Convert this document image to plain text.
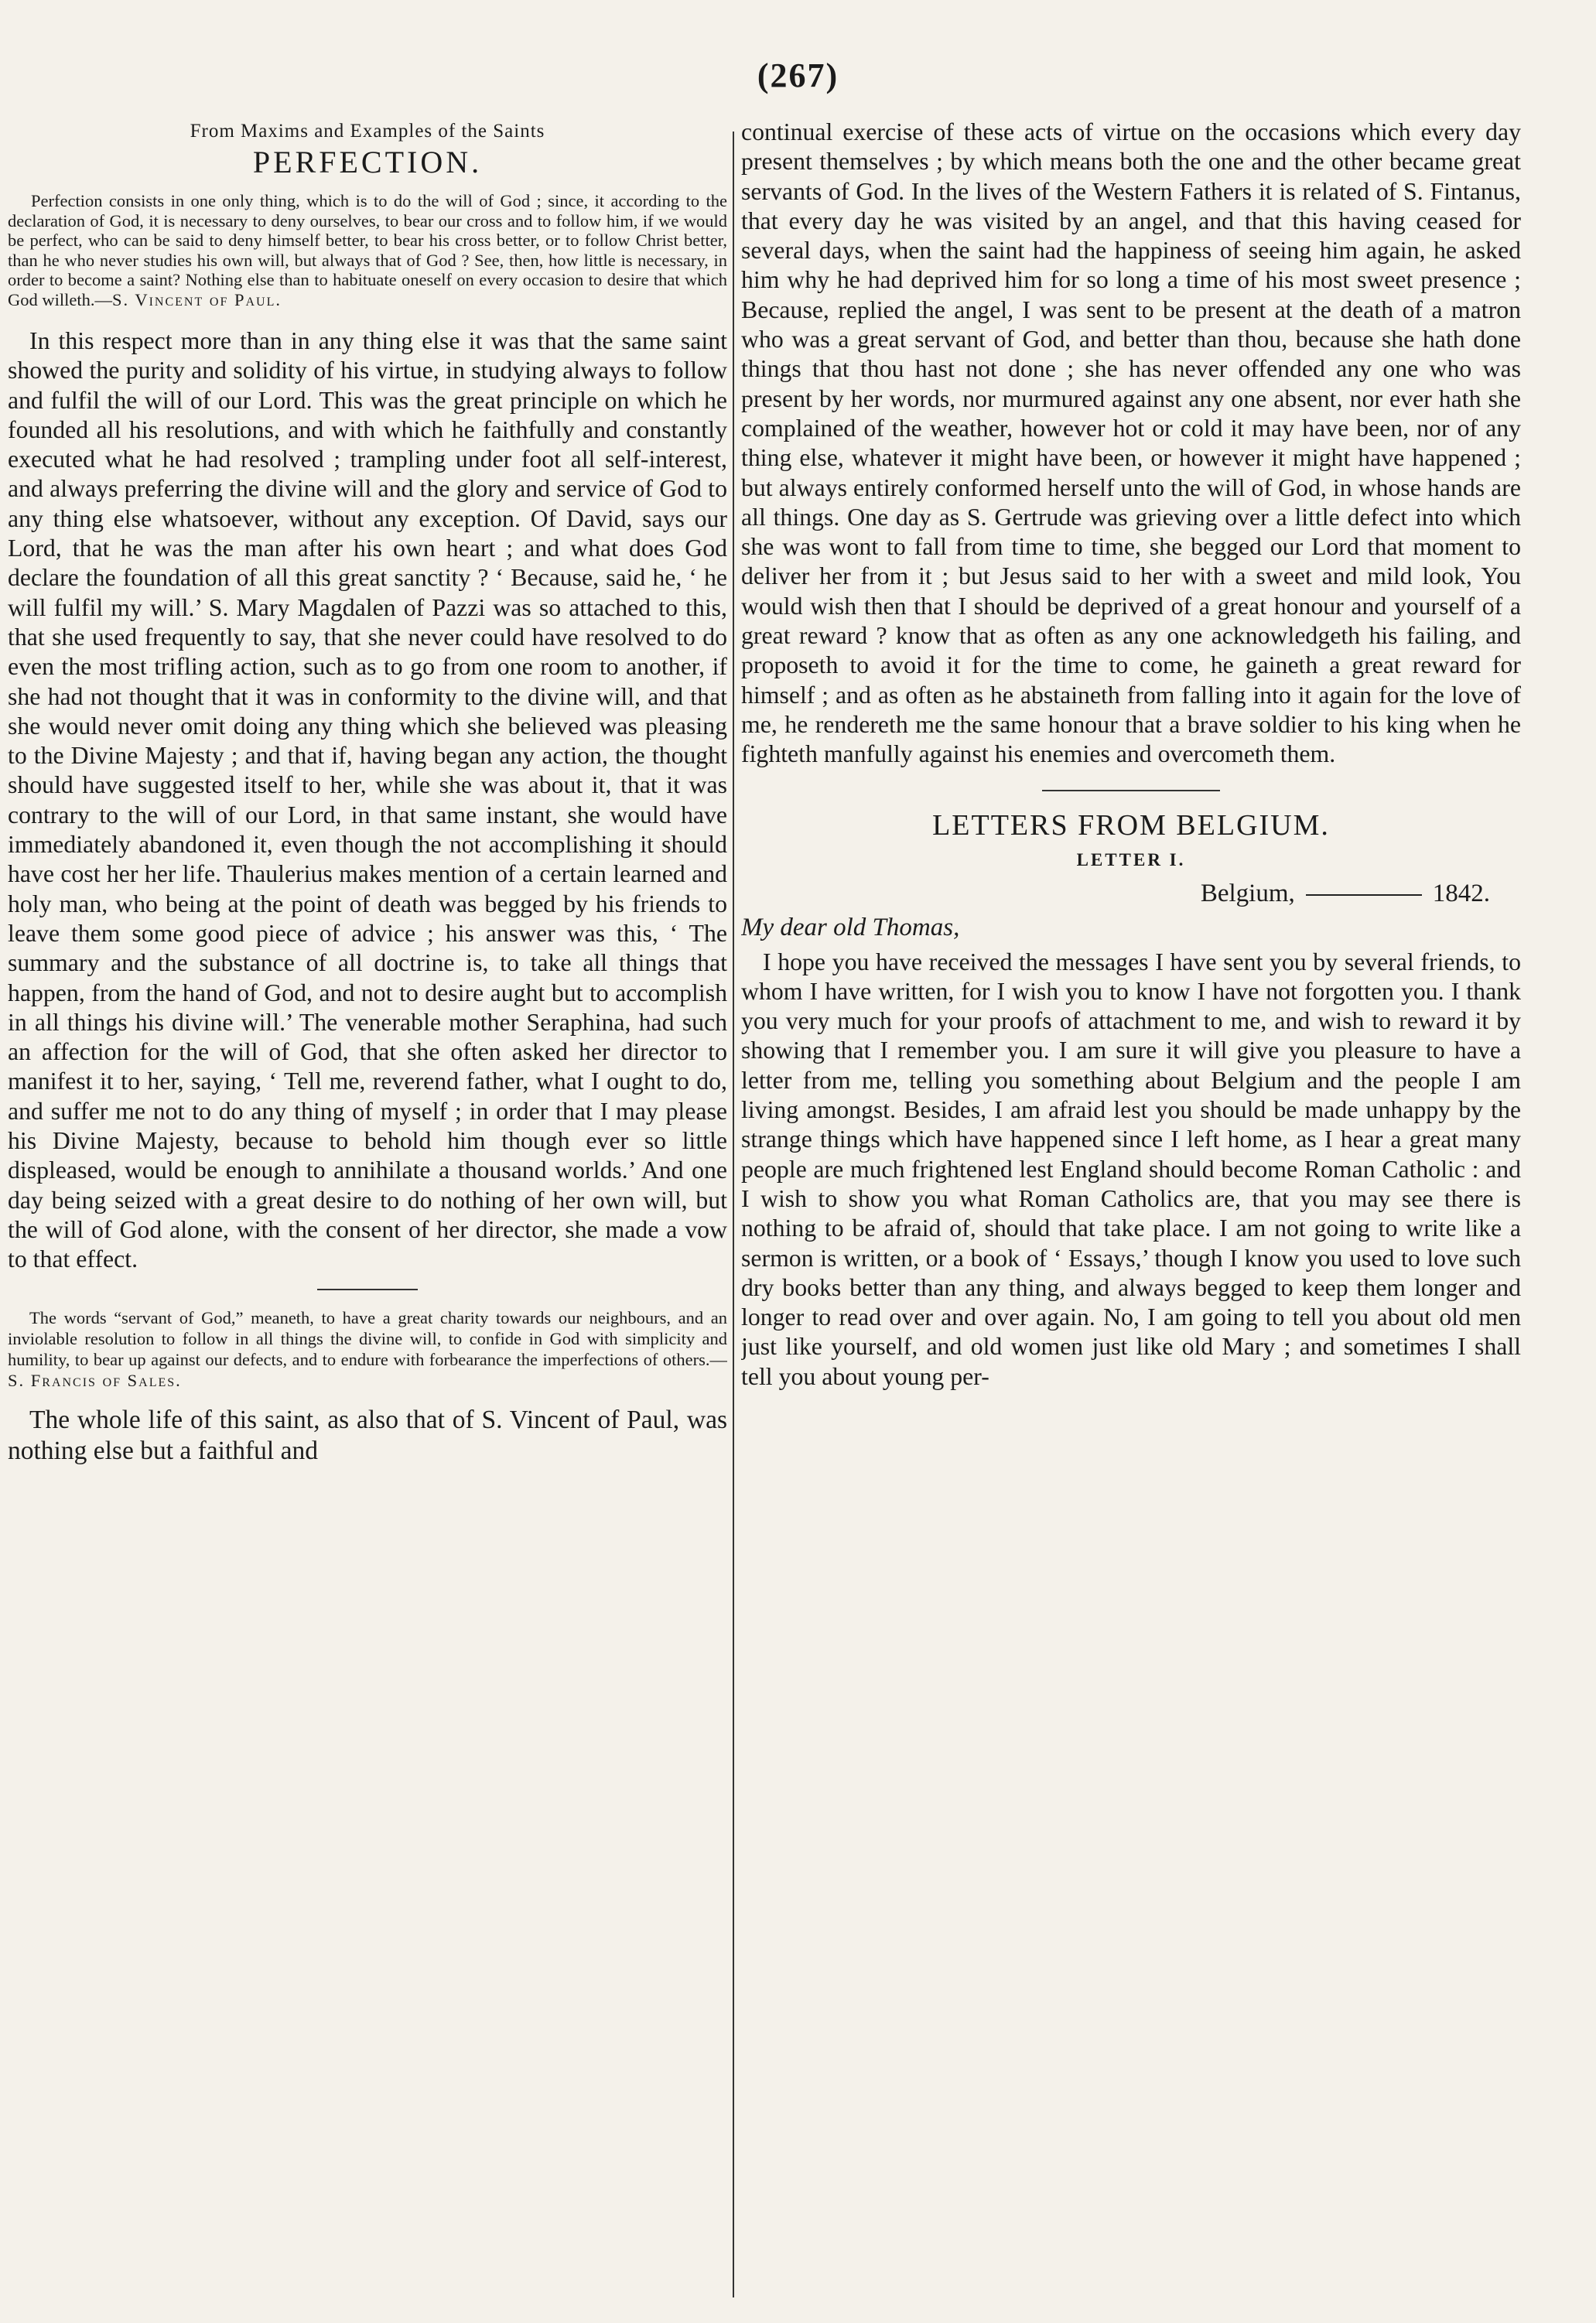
(267)
From Maxims and Examples of the Saints
PERFECTION.

Perfection consists in one only thing, which is to do the will of God ; since, it according to the declaration of God, it is necessary to deny ourselves, to bear our cross and to follow him, if we would be perfect, who can be said to deny himself better, to bear his cross better, or to follow Christ better, than he who never studies his own will, but always that of God ? See, then, how little is necessary, in order to become a saint? Nothing else than to habituate oneself on every occasion to desire that which God willeth.—S. Vincent of Paul.

In this respect more than in any thing else it was that the same saint showed the purity and solidity of his virtue, in studying always to follow and fulfil the will of our Lord. This was the great principle on which he founded all his resolutions, and with which he faithfully and constantly executed what he had resolved ; trampling under foot all self-interest, and always preferring the divine will and the glory and service of God to any thing else whatsoever, without any exception. Of David, says our Lord, that he was the man after his own heart ; and what does God declare the foundation of all this great sanctity ? ‘ Because, said he, ‘ he will fulfil my will.’ S. Mary Magdalen of Pazzi was so attached to this, that she used frequently to say, that she never could have resolved to do even the most trifling action, such as to go from one room to another, if she had not thought that it was in conformity to the divine will, and that she would never omit doing any thing which she believed was pleasing to the Divine Majesty ; and that if, having began any action, the thought should have suggested itself to her, while she was about it, that it was contrary to the will of our Lord, in that same instant, she would have immediately abandoned it, even though the not accomplishing it should have cost her her life. Thaulerius makes mention of a certain learned and holy man, who being at the point of death was begged by his friends to leave them some good piece of advice ; his answer was this, ‘ The summary and the substance of all doctrine is, to take all things that happen, from the hand of God, and not to desire aught but to accomplish in all things his divine will.’ The venerable mother Seraphina, had such an affection for the will of God, that she often asked her director to manifest it to her, saying, ‘ Tell me, reverend father, what I ought to do, and suffer me not to do any thing of myself ; in order that I may please his Divine Majesty, because to behold him though ever so little displeased, would be enough to annihilate a thousand worlds.’ And one day being seized with a great desire to do nothing of her own will, but the will of God alone, with the consent of her director, she made a vow to that effect.

The words “servant of God,” meaneth, to have a great charity towards our neighbours, and an inviolable resolution to follow in all things the divine will, to confide in God with simplicity and humility, to bear up against our defects, and to endure with forbearance the imperfections of others.—S. Francis of Sales.

The whole life of this saint, as also that of S. Vincent of Paul, was nothing else but a faithful and

continual exercise of these acts of virtue on the occasions which every day present themselves ; by which means both the one and the other became great servants of God. In the lives of the Western Fathers it is related of S. Fintanus, that every day he was visited by an angel, and that this having ceased for several days, when the saint had the happiness of seeing him again, he asked him why he had deprived him for so long a time of his most sweet presence ; Because, replied the angel, I was sent to be present at the death of a matron who was a great servant of God, and better than thou, because she hath done things that thou hast not done ; she has never offended any one who was present by her words, nor murmured against any one absent, nor ever hath she complained of the weather, however hot or cold it may have been, nor of any thing else, whatever it might have been, or however it might have happened ; but always entirely conformed herself unto the will of God, in whose hands are all things. One day as S. Gertrude was grieving over a little defect into which she was wont to fall from time to time, she begged our Lord that moment to deliver her from it ; but Jesus said to her with a sweet and mild look, You would wish then that I should be deprived of a great honour and yourself of a great reward ? know that as often as any one acknowledgeth his failing, and proposeth to avoid it for the time to come, he gaineth a great reward for himself ; and as often as he abstaineth from falling into it again for the love of me, he rendereth me the same honour that a brave soldier to his king when he fighteth manfully against his enemies and overcometh them.

LETTERS FROM BELGIUM.
LETTER I.
Belgium,	1842.

My dear old Thomas,

I hope you have received the messages I have sent you by several friends, to whom I have written, for I wish you to know I have not forgotten you. I thank you very much for your proofs of attachment to me, and wish to reward it by showing that I remember you. I am sure it will give you pleasure to have a letter from me, telling you something about Belgium and the people I am living amongst. Besides, I am afraid lest you should be made unhappy by the strange things which have happened since I left home, as I hear a great many people are much frightened lest England should become Roman Catholic : and I wish to show you what Roman Catholics are, that you may see there is nothing to be afraid of, should that take place. I am not going to write like a sermon is written, or a book of ‘ Essays,’ though I know you used to love such dry books better than any thing, and always begged to keep them longer and longer to read over and over again. No, I am going to tell you about old men just like yourself, and old women just like old Mary ; and sometimes I shall tell you about young per-
